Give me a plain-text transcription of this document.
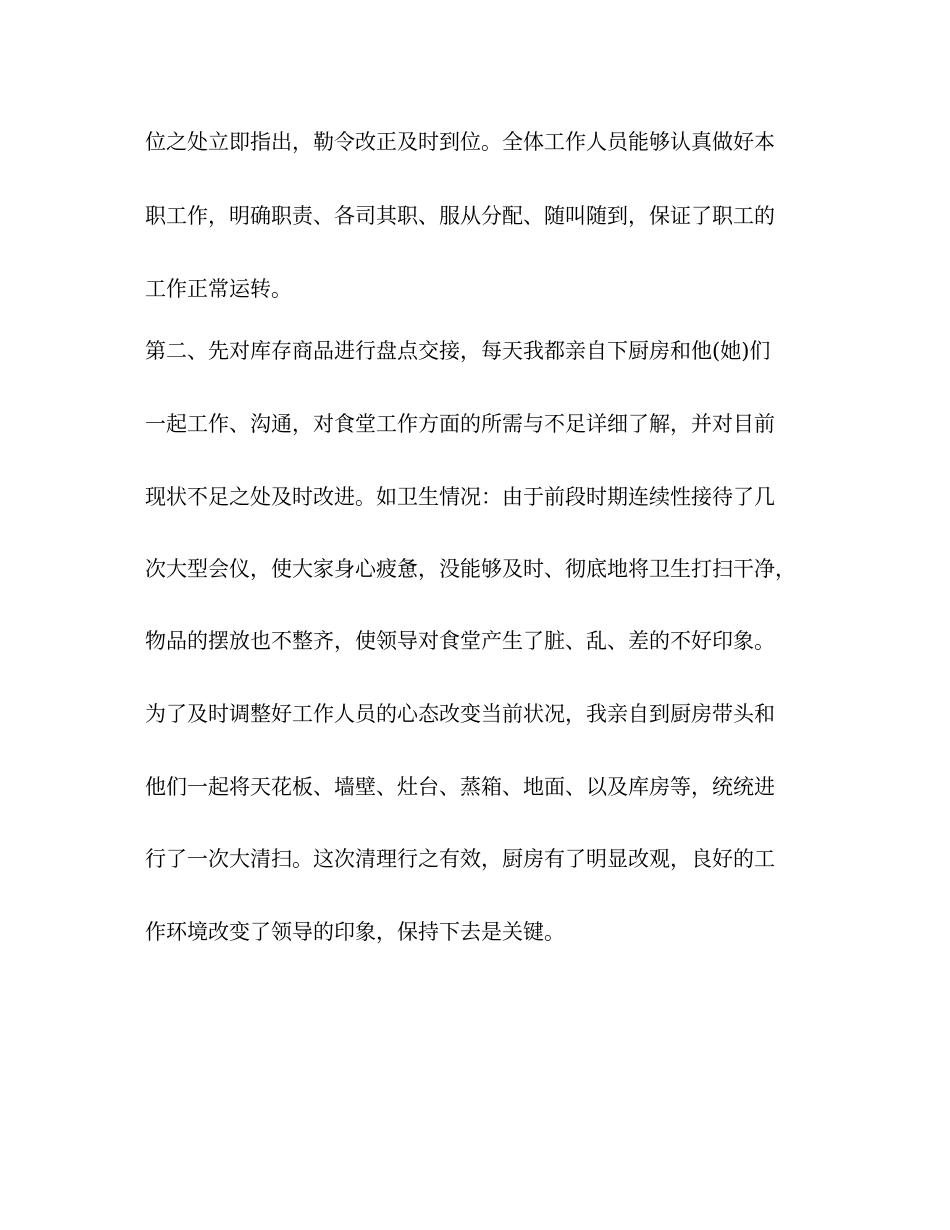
位之处立即指出，勒令改正及时到位。全体工作人员能够认真做好本
职工作，明确职责、各司其职、服从分配、随叫随到，保证了职工的
工作正常运转。
第二、先对库存商品进行盘点交接，每天我都亲自下厨房和他(她)们
一起工作、沟通，对食堂工作方面的所需与不足详细了解，并对目前
现状不足之处及时改进。如卫生情况：由于前段时期连续性接待了几
次大型会仪，使大家身心疲惫，没能够及时、彻底地将卫生打扫干净，
物品的摆放也不整齐，使领导对食堂产生了脏、乱、差的不好印象。
为了及时调整好工作人员的心态改变当前状况，我亲自到厨房带头和
他们一起将天花板、墙壁、灶台、蒸箱、地面、以及库房等，统统进
行了一次大清扫。这次清理行之有效，厨房有了明显改观，良好的工
作环境改变了领导的印象，保持下去是关键。
